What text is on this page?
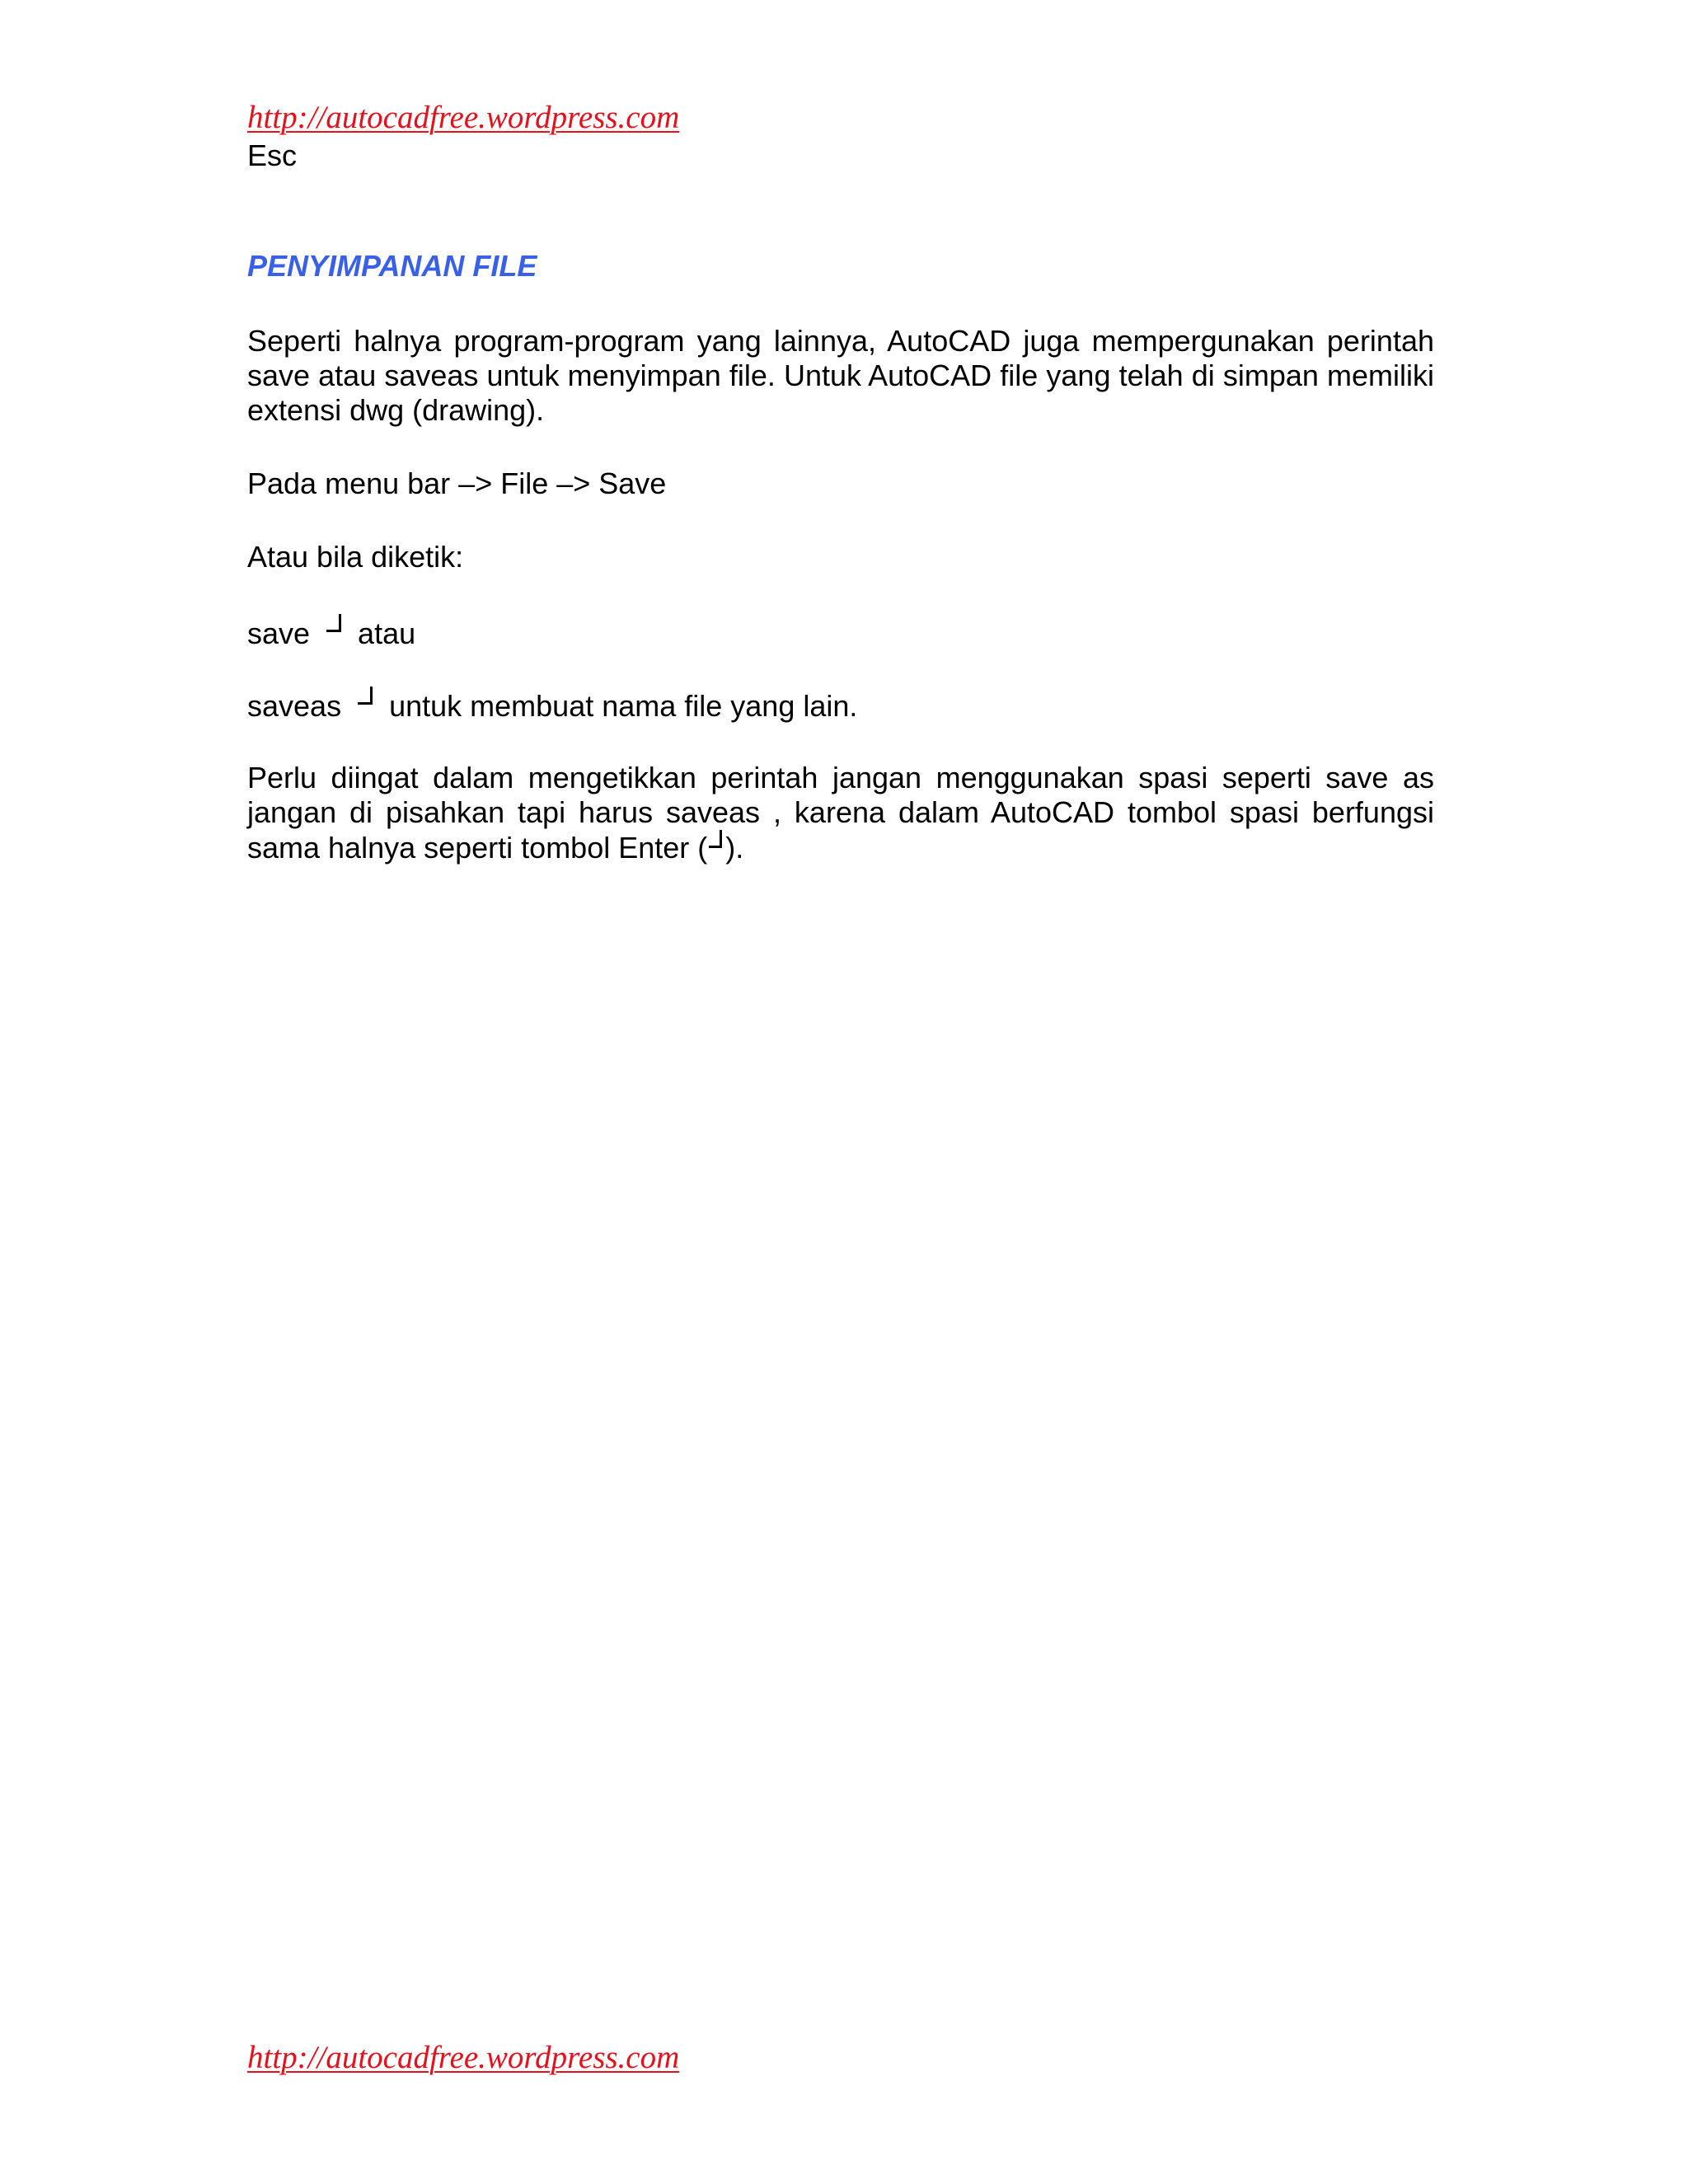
http://autocadfree.wordpress.com
Esc
PENYIMPANAN FILE

Seperti halnya program-program yang lainnya, AutoCAD juga mempergunakan perintah save atau saveas untuk menyimpan file. Untuk AutoCAD file yang telah di simpan memiliki extensi dwg (drawing).

Pada menu bar –> File –> Save

Atau bila diketik:

save atau

saveas untuk membuat nama file yang lain.

Perlu diingat dalam mengetikkan perintah jangan menggunakan spasi seperti save as jangan di pisahkan tapi harus saveas , karena dalam AutoCAD tombol spasi berfungsi sama halnya seperti tombol Enter ( ).

http://autocadfree.wordpress.com
